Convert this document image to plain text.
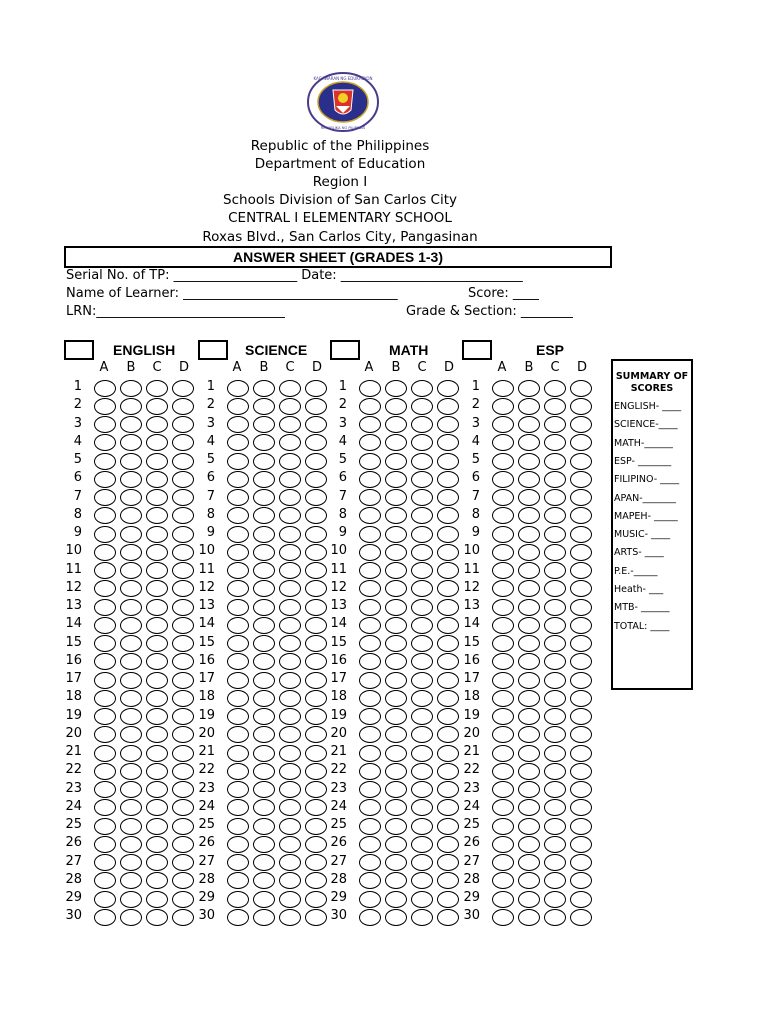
KAGAWARAN NG EDUKASYON
REPUBLIKA NG PILIPINAS
Republic of the Philippines
Department of Education
Region I
Schools Division of San Carlos City
CENTRAL I ELEMENTARY SCHOOL
Roxas Blvd., San Carlos City, Pangasinan
ANSWER SHEET (GRADES 1-3)
Serial No. of TP: ___________________ Date: ____________________________
Name of Learner: _________________________________	Score: ____
LRN:_____________________________	Grade & Section: ________
ENGLISH
A B C D
1
2
3
4
5
6
7
8
9
10
11
12
13
14
15
16
17
18
19
20
21
22
23
24
25
26
27
28
29
30
SCIENCE
A B C D
1
2
3
4
5
6
7
8
9
10
11
12
13
14
15
16
17
18
19
20
21
22
23
24
25
26
27
28
29
30
MATH
A B C D
1
2
3
4
5
6
7
8
9
10
11
12
13
14
15
16
17
18
19
20
21
22
23
24
25
26
27
28
29
30
ESP
A B C D
1
2
3
4
5
6
7
8
9
10
11
12
13
14
15
16
17
18
19
20
21
22
23
24
25
26
27
28
29
30
SUMMARY OF
SCORES
ENGLISH- ____
SCIENCE-____
MATH-______
ESP- _______
FILIPINO- ____
APAN-_______
MAPEH- _____
MUSIC- ____
ARTS- ____
P.E.-_____
Heath- ___
MTB- ______
TOTAL: ____
